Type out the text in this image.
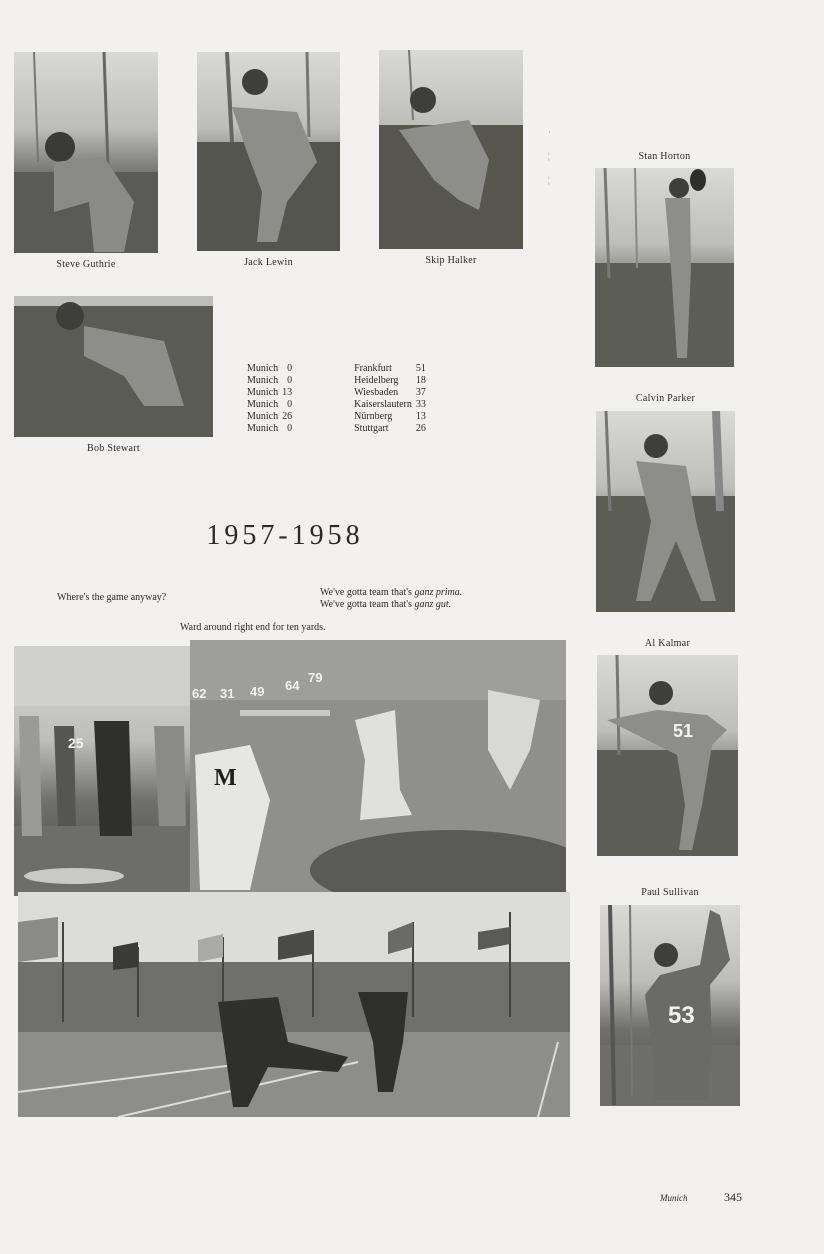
Steve Guthrie	Jack Lewin	Skip Halker
·
¦
¦
Stan Horton
Bob Stewart
Munich	0	Frankfurt	51
Munich	0	Heidelberg	18
Munich	13	Wiesbaden	37
Munich	0	Kaiserslautern	33
Munich	26	Nürnberg	13
Munich	0	Stuttgart	26
Calvin Parker
1957-1958
Where's the game anyway?	We've gotta team that's ganz prima.
We've gotta team that's ganz gut.
Ward around right end for ten yards.
Al Kalmar
51
25
62 31 49 64
79
M
Paul Sullivan
53
Munich	345
